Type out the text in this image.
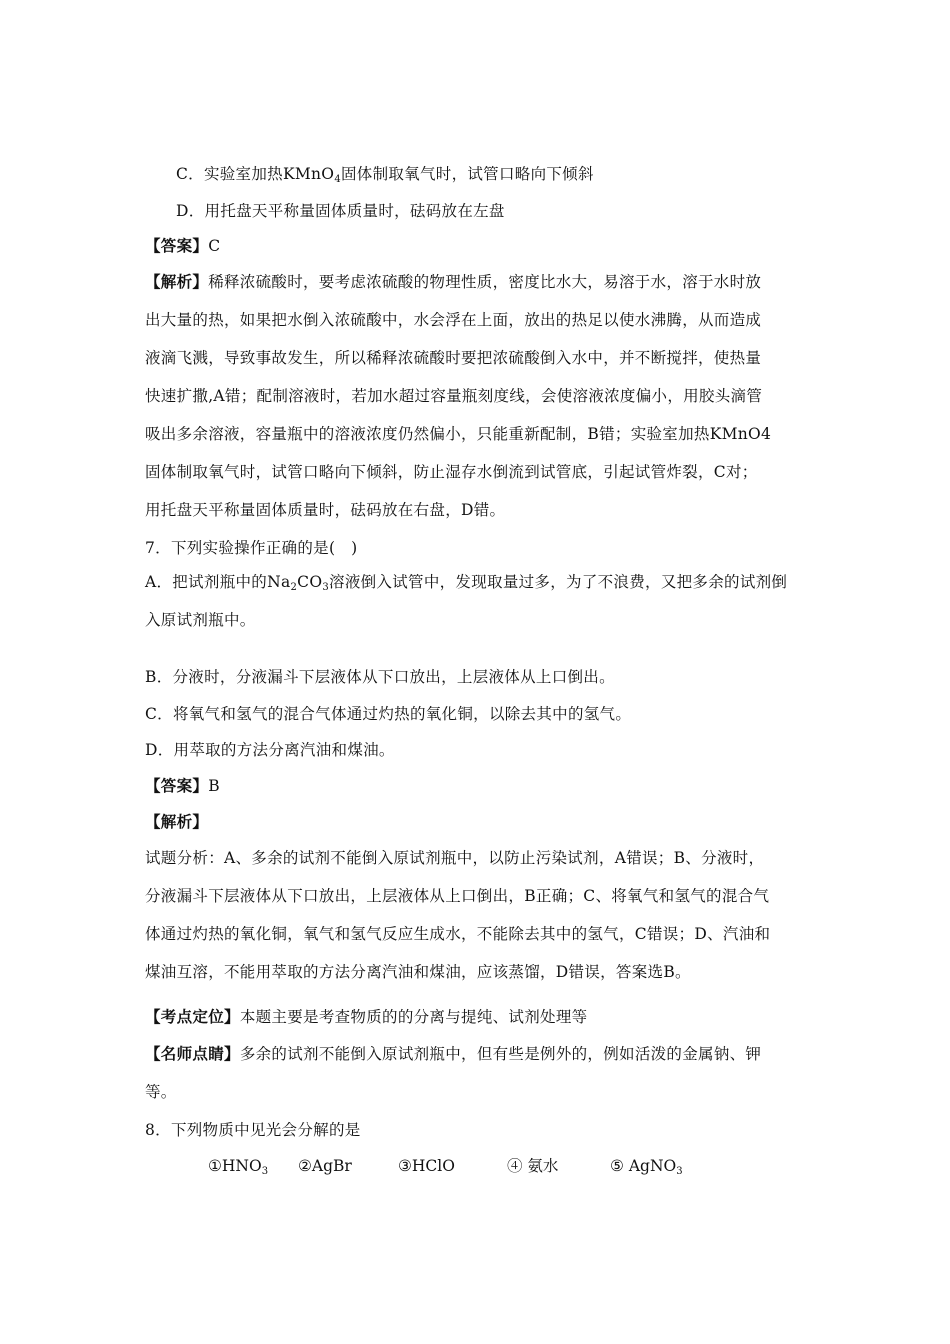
C．实验室加热KMnO$_4$固体制取氧气时，试管口略向下倾斜
D．用托盘天平称量固体质量时，砝码放在左盘
【答案】C
【解析】稀释浓硫酸时，要考虑浓硫酸的物理性质，密度比水大，易溶于水，溶于水时放
出大量的热，如果把水倒入浓硫酸中，水会浮在上面，放出的热足以使水沸腾，从而造成
液滴飞溅，导致事故发生，所以稀释浓硫酸时要把浓硫酸倒入水中，并不断搅拌，使热量
快速扩撒,A错；配制溶液时，若加水超过容量瓶刻度线，会使溶液浓度偏小，用胶头滴管
吸出多余溶液，容量瓶中的溶液浓度仍然偏小，只能重新配制，B错；实验室加热KMnO4
固体制取氧气时，试管口略向下倾斜，防止湿存水倒流到试管底，引起试管炸裂，C对；
用托盘天平称量固体质量时，砝码放在右盘，D错。
7．下列实验操作正确的是(　)
A．把试剂瓶中的$Na_2CO_3$溶液倒入试管中，发现取量过多，为了不浪费，又把多余的试剂倒
入原试剂瓶中。
B．分液时，分液漏斗下层液体从下口放出，上层液体从上口倒出。
C．将氧气和氢气的混合气体通过灼热的氧化铜，以除去其中的氢气。
D．用萃取的方法分离汽油和煤油。
【答案】B
【解析】
试题分析：A、多余的试剂不能倒入原试剂瓶中，以防止污染试剂，A错误；B、分液时，
分液漏斗下层液体从下口放出，上层液体从上口倒出，B正确；C、将氧气和氢气的混合气
体通过灼热的氧化铜，氧气和氢气反应生成水，不能除去其中的氢气，C错误；D、汽油和
煤油互溶，不能用萃取的方法分离汽油和煤油，应该蒸馏，D错误，答案选B。
【考点定位】本题主要是考查物质的的分离与提纯、试剂处理等
【名师点睛】多余的试剂不能倒入原试剂瓶中，但有些是例外的，例如活泼的金属钠、钾
等。
8．下列物质中见光会分解的是
$①HNO_3$ ②AgBr	③HClO	④ 氨水	⑤ AgNO$_3$
